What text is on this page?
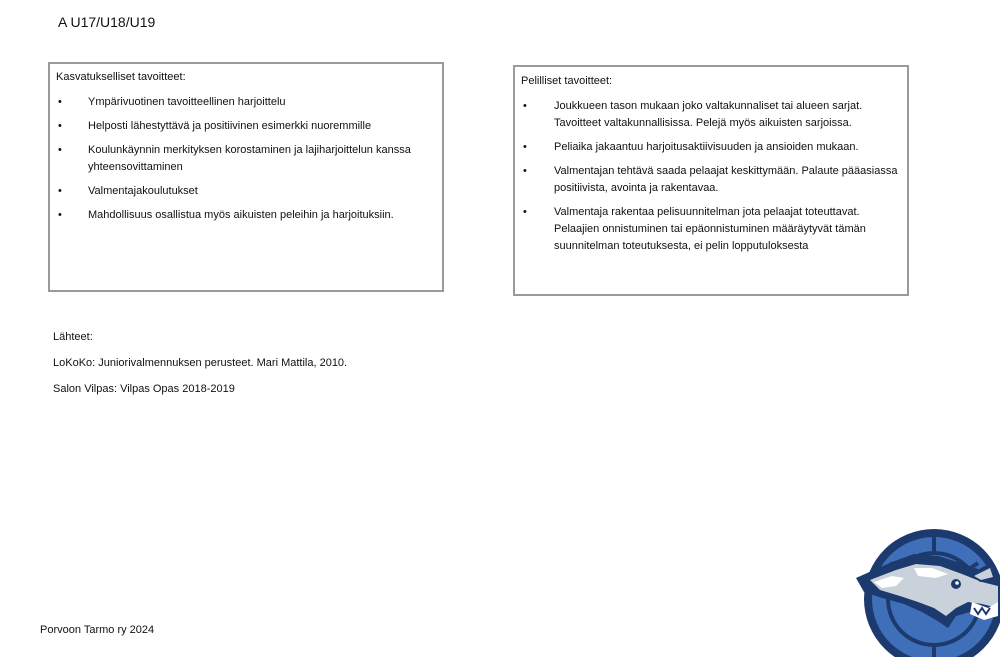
A U17/U18/U19
Kasvatukselliset tavoitteet:
• Ympärivuotinen tavoitteellinen harjoittelu
• Helposti lähestyttävä ja positiivinen esimerkki nuoremmille
• Koulunkäynnin merkityksen korostaminen ja lajiharjoittelun kanssa yhteensovittaminen
• Valmentajakoulutukset
• Mahdollisuus osallistua myös aikuisten peleihin ja harjoituksiin.
Pelilliset tavoitteet:
• Joukkueen tason mukaan joko valtakunnaliset tai alueen sarjat. Tavoitteet valtakunnallisissa. Pelejä myös aikuisten sarjoissa.
• Peliaika jakaantuu harjoitusaktiivisuuden ja ansioiden mukaan.
• Valmentajan tehtävä saada pelaajat keskittymään. Palaute pääasiassa positiivista, avointa ja rakentavaa.
• Valmentaja rakentaa pelisuunnitelman jota pelaajat toteuttavat. Pelaajien onnistuminen tai epäonnistuminen määräytyvät tämän suunnitelman toteutuksesta, ei pelin lopputuloksesta

Lähteet:

LoKoKo: Juniorivalmennuksen perusteet. Mari Mattila, 2010.

Salon Vilpas: Vilpas Opas 2018-2019

Porvoon Tarmo ry 2024
